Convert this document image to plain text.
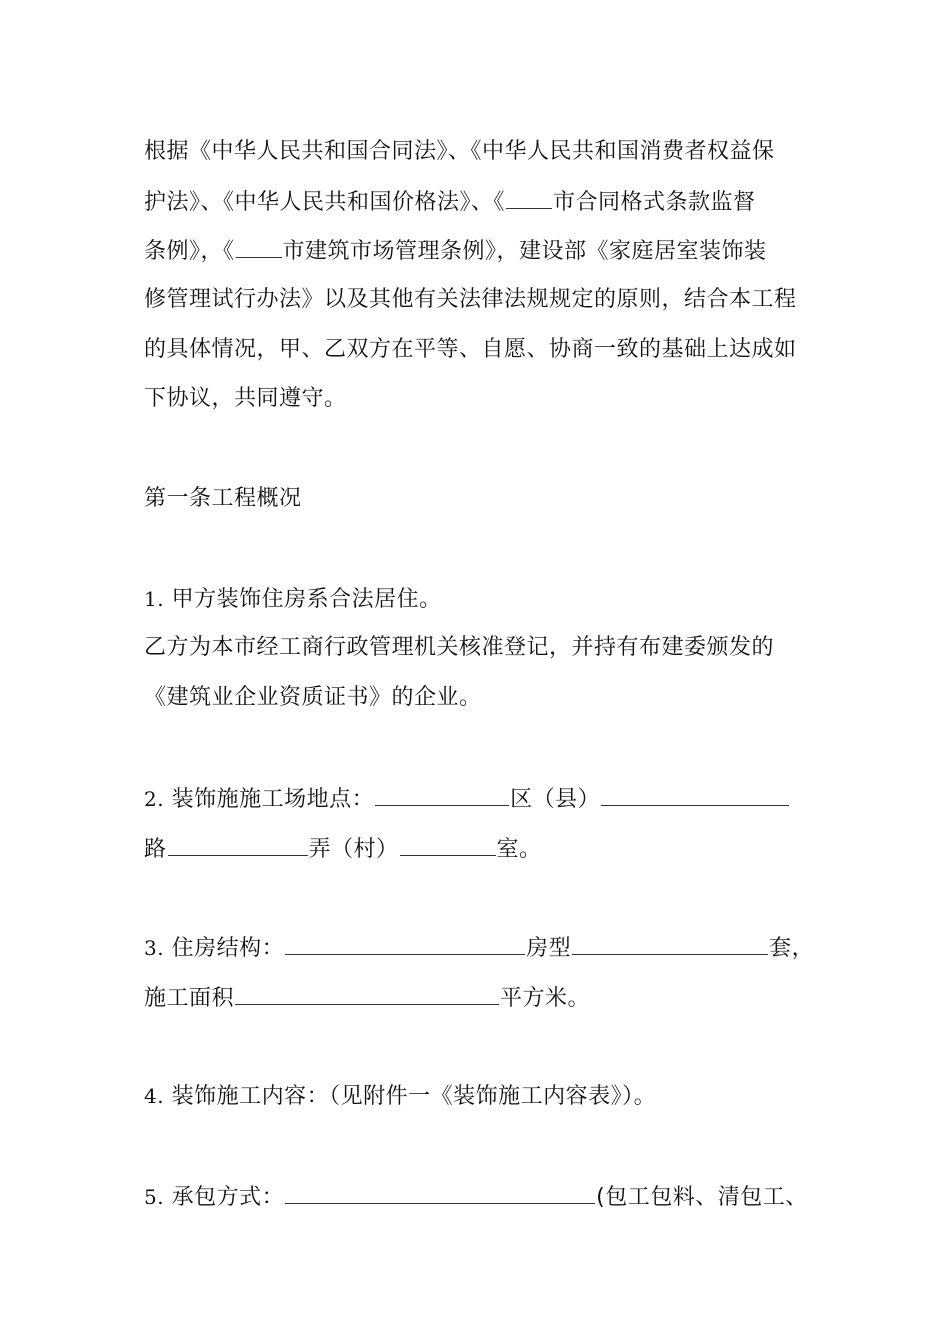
根据《中华人民共和国合同法》、《中华人民共和国消费者权益保
护法》、《中华人民共和国价格法》、《 市合同格式条款监督
条例》，《 市建筑市场管理条例》，建设部《家庭居室装饰装
修管理试行办法》以及其他有关法律法规规定的原则，结合本工程
的具体情况，甲、乙双方在平等、自愿、协商一致的基础上达成如
下协议，共同遵守。
第一条工程概况
1. 甲方装饰住房系合法居住。
乙方为本市经工商行政管理机关核准登记，并持有布建委颁发的
《建筑业企业资质证书》的企业。
2. 装饰施施工场地点：	区（县）
路	弄（村）	室。
3. 住房结构：	房型	套，
施工面积	平方米。
4. 装饰施工内容：（见附件一《装饰施工内容表》）。
5. 承包方式：	(包工包料、清包工、
